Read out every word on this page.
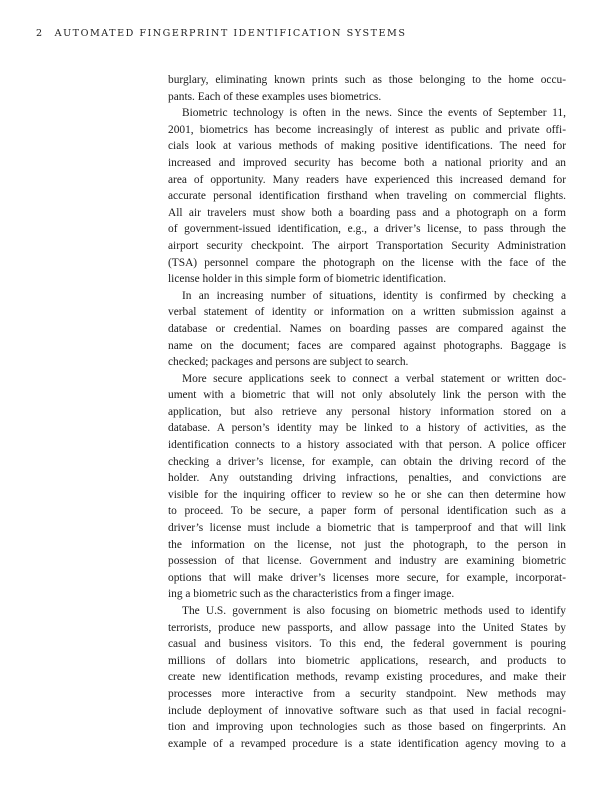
2 AUTOMATED FINGERPRINT IDENTIFICATION SYSTEMS
burglary, eliminating known prints such as those belonging to the home occu-
pants. Each of these examples uses biometrics.
Biometric technology is often in the news. Since the events of September 11,
2001, biometrics has become increasingly of interest as public and private offi-
cials look at various methods of making positive identifications. The need for
increased and improved security has become both a national priority and an
area of opportunity. Many readers have experienced this increased demand for
accurate personal identification firsthand when traveling on commercial flights.
All air travelers must show both a boarding pass and a photograph on a form
of government-issued identification, e.g., a driver’s license, to pass through the
airport security checkpoint. The airport Transportation Security Administration
(TSA) personnel compare the photograph on the license with the face of the
license holder in this simple form of biometric identification.
In an increasing number of situations, identity is confirmed by checking a
verbal statement of identity or information on a written submission against a
database or credential. Names on boarding passes are compared against the
name on the document; faces are compared against photographs. Baggage is
checked; packages and persons are subject to search.
More secure applications seek to connect a verbal statement or written doc-
ument with a biometric that will not only absolutely link the person with the
application, but also retrieve any personal history information stored on a
database. A person’s identity may be linked to a history of activities, as the
identification connects to a history associated with that person. A police officer
checking a driver’s license, for example, can obtain the driving record of the
holder. Any outstanding driving infractions, penalties, and convictions are
visible for the inquiring officer to review so he or she can then determine how
to proceed. To be secure, a paper form of personal identification such as a
driver’s license must include a biometric that is tamperproof and that will link
the information on the license, not just the photograph, to the person in
possession of that license. Government and industry are examining biometric
options that will make driver’s licenses more secure, for example, incorporat-
ing a biometric such as the characteristics from a finger image.
The U.S. government is also focusing on biometric methods used to identify
terrorists, produce new passports, and allow passage into the United States by
casual and business visitors. To this end, the federal government is pouring
millions of dollars into biometric applications, research, and products to
create new identification methods, revamp existing procedures, and make their
processes more interactive from a security standpoint. New methods may
include deployment of innovative software such as that used in facial recogni-
tion and improving upon technologies such as those based on fingerprints. An
example of a revamped procedure is a state identification agency moving to a
